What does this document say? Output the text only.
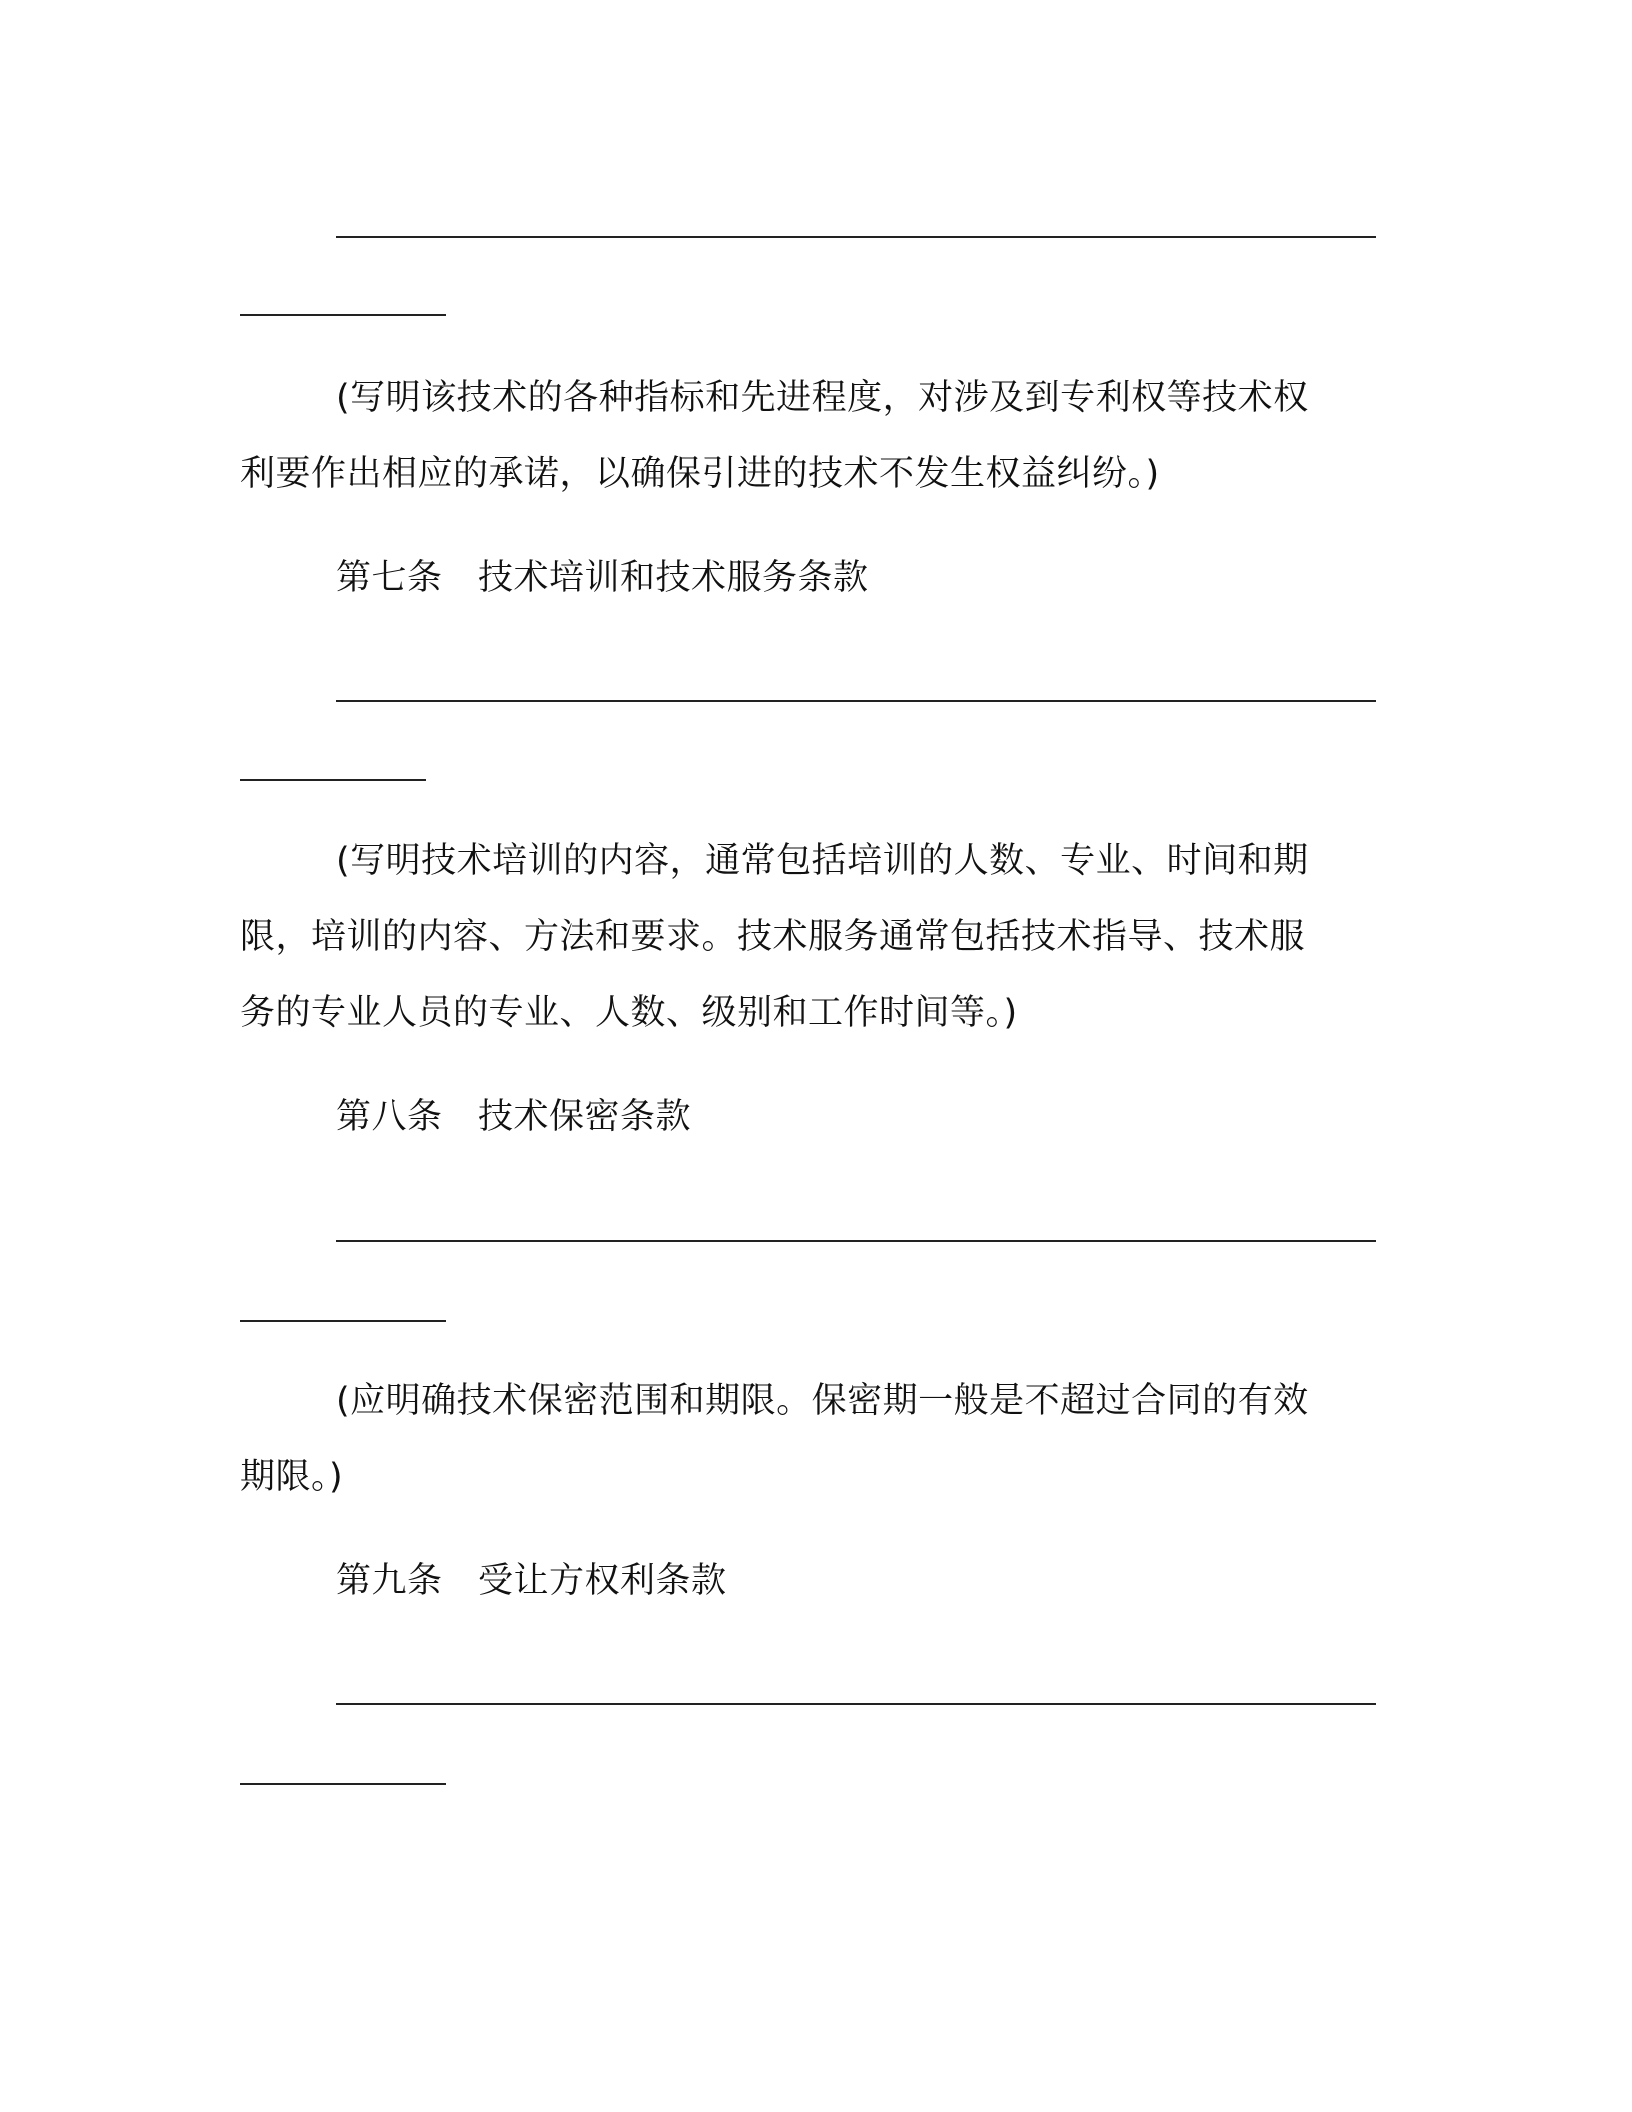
(写明该技术的各种指标和先进程度，对涉及到专利权等技术权
利要作出相应的承诺，以确保引进的技术不发生权益纠纷。)
第七条　技术培训和技术服务条款
(写明技术培训的内容，通常包括培训的人数、专业、时间和期
限，培训的内容、方法和要求。技术服务通常包括技术指导、技术服
务的专业人员的专业、人数、级别和工作时间等。)
第八条　技术保密条款
(应明确技术保密范围和期限。保密期一般是不超过合同的有效
期限。)
第九条　受让方权利条款
